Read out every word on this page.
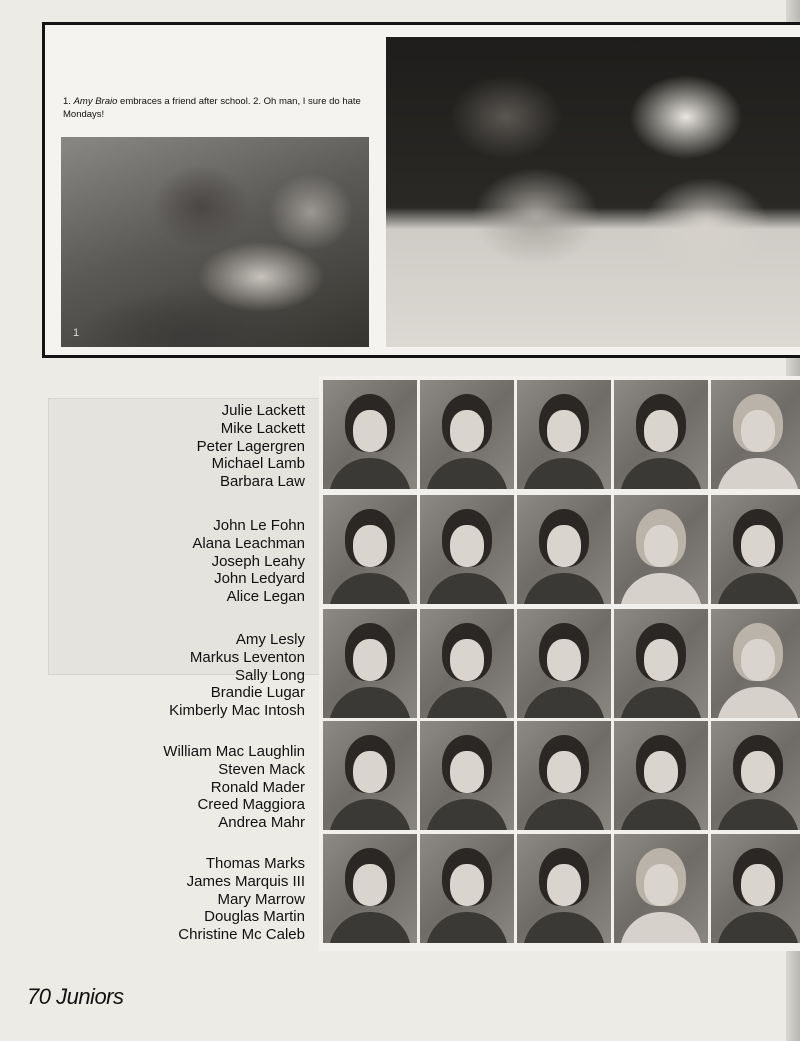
1. Amy Braio embraces a friend after school. 2. Oh man, I sure do hate Mondays!
1
Julie Lackett
Mike Lackett
Peter Lagergren
Michael Lamb
Barbara Law
John Le Fohn
Alana Leachman
Joseph Leahy
John Ledyard
Alice Legan
Amy Lesly
Markus Leventon
Sally Long
Brandie Lugar
Kimberly Mac Intosh
William Mac Laughlin
Steven Mack
Ronald Mader
Creed Maggiora
Andrea Mahr
Thomas Marks
James Marquis III
Mary Marrow
Douglas Martin
Christine Mc Caleb
70 Juniors
